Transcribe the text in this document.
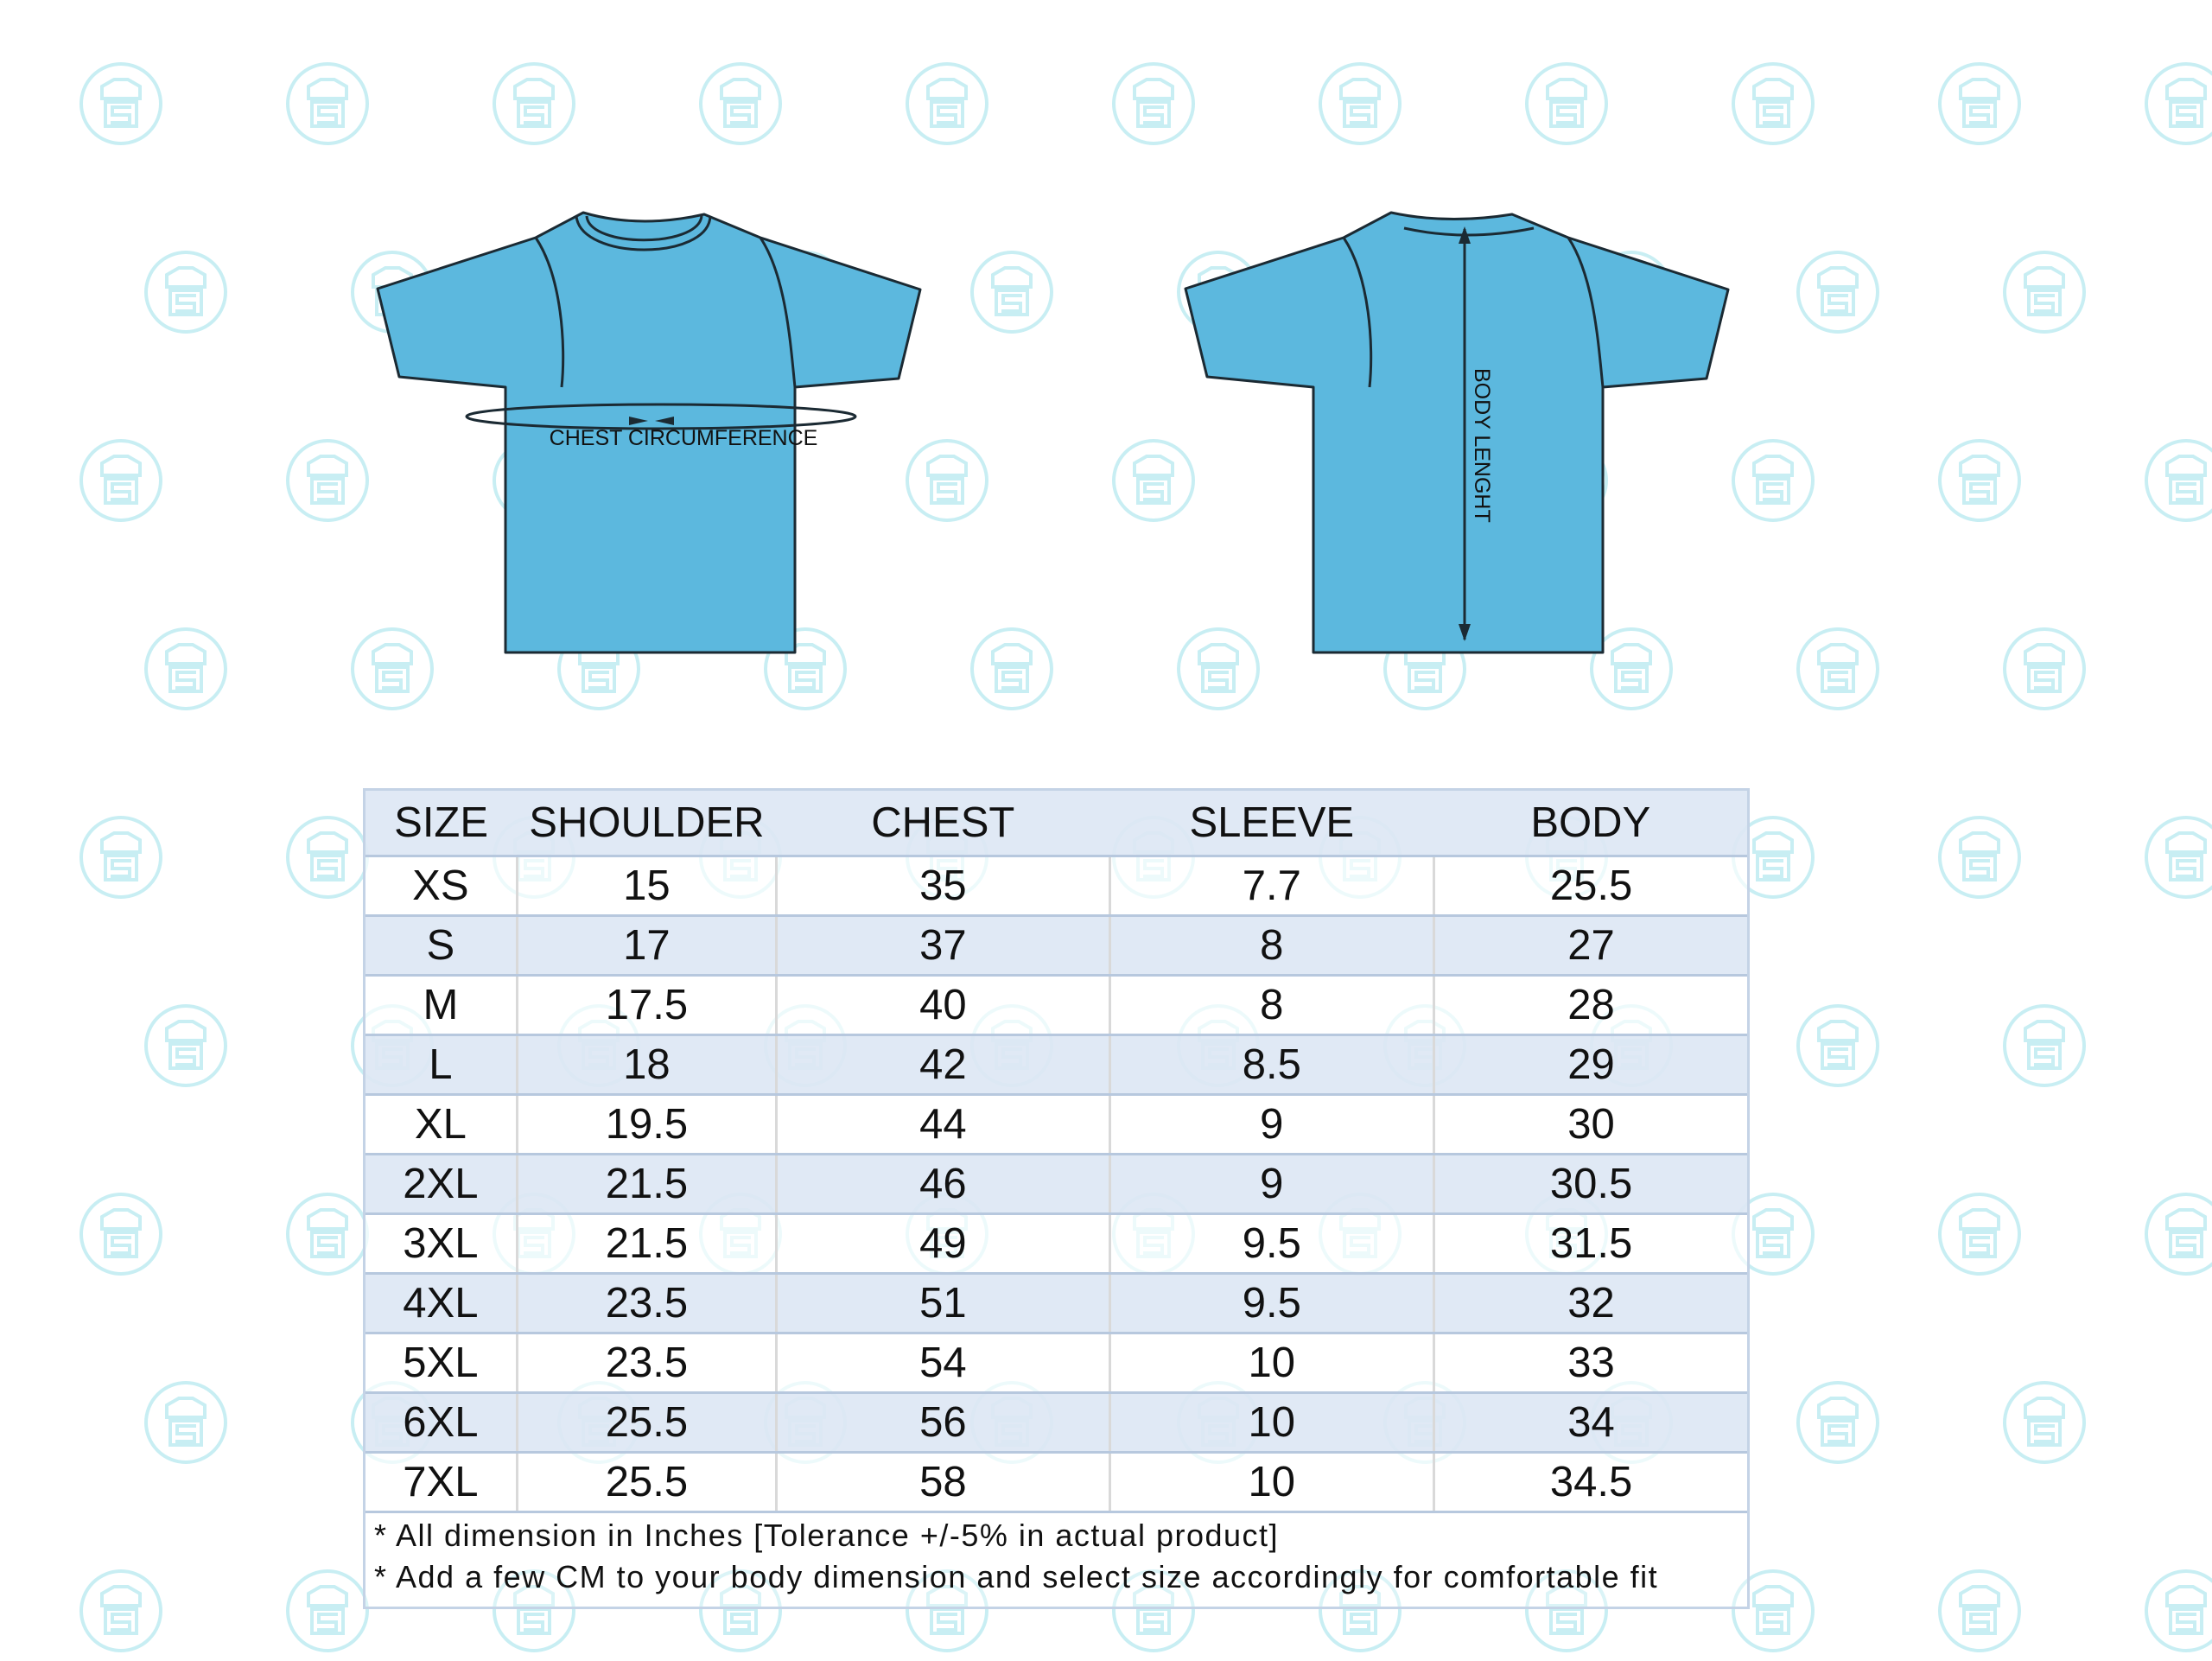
CHEST CIRCUMFERENCE	BODY LENGHT
SIZE	SHOULDER	CHEST	SLEEVE	BODY
XS	15	35	7.7	25.5
S	17	37	8	27
M	17.5	40	8	28
L	18	42	8.5	29
XL	19.5	44	9	30
2XL	21.5	46	9	30.5
3XL	21.5	49	9.5	31.5
4XL	23.5	51	9.5	32
5XL	23.5	54	10	33
6XL	25.5	56	10	34
7XL	25.5	58	10	34.5
* All dimension in Inches [Tolerance +/-5% in actual product]
* Add a few CM to your body dimension and select size accordingly for comfortable fit
